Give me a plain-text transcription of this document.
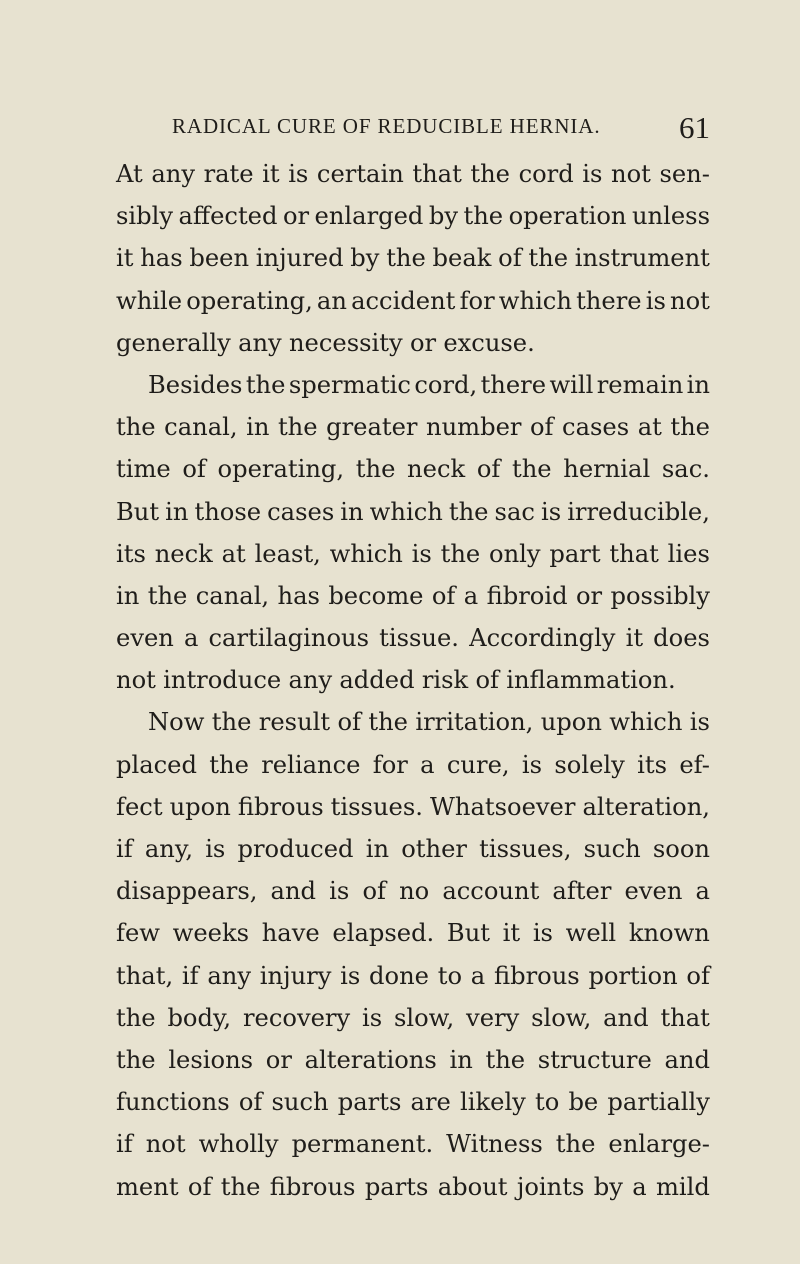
RADICAL CURE OF REDUCIBLE HERNIA.	61
At any rate it is certain that the cord is not sen-
sibly affected or enlarged by the operation unless
it has been injured by the beak of the instrument
while operating, an accident for which there is not
generally any necessity or excuse.
Besides the spermatic cord, there will remain in
the canal, in the greater number of cases at the
time of operating, the neck of the hernial sac.
But in those cases in which the sac is irreducible,
its neck at least, which is the only part that lies
in the canal, has become of a fibroid or possibly
even a cartilaginous tissue. Accordingly it does
not introduce any added risk of inflammation.
Now the result of the irritation, upon which is
placed the reliance for a cure, is solely its ef-
fect upon fibrous tissues. Whatsoever alteration,
if any, is produced in other tissues, such soon
disappears, and is of no account after even a
few weeks have elapsed. But it is well known
that, if any injury is done to a fibrous portion of
the body, recovery is slow, very slow, and that
the lesions or alterations in the structure and
functions of such parts are likely to be partially
if not wholly permanent. Witness the enlarge-
ment of the fibrous parts about joints by a mild
